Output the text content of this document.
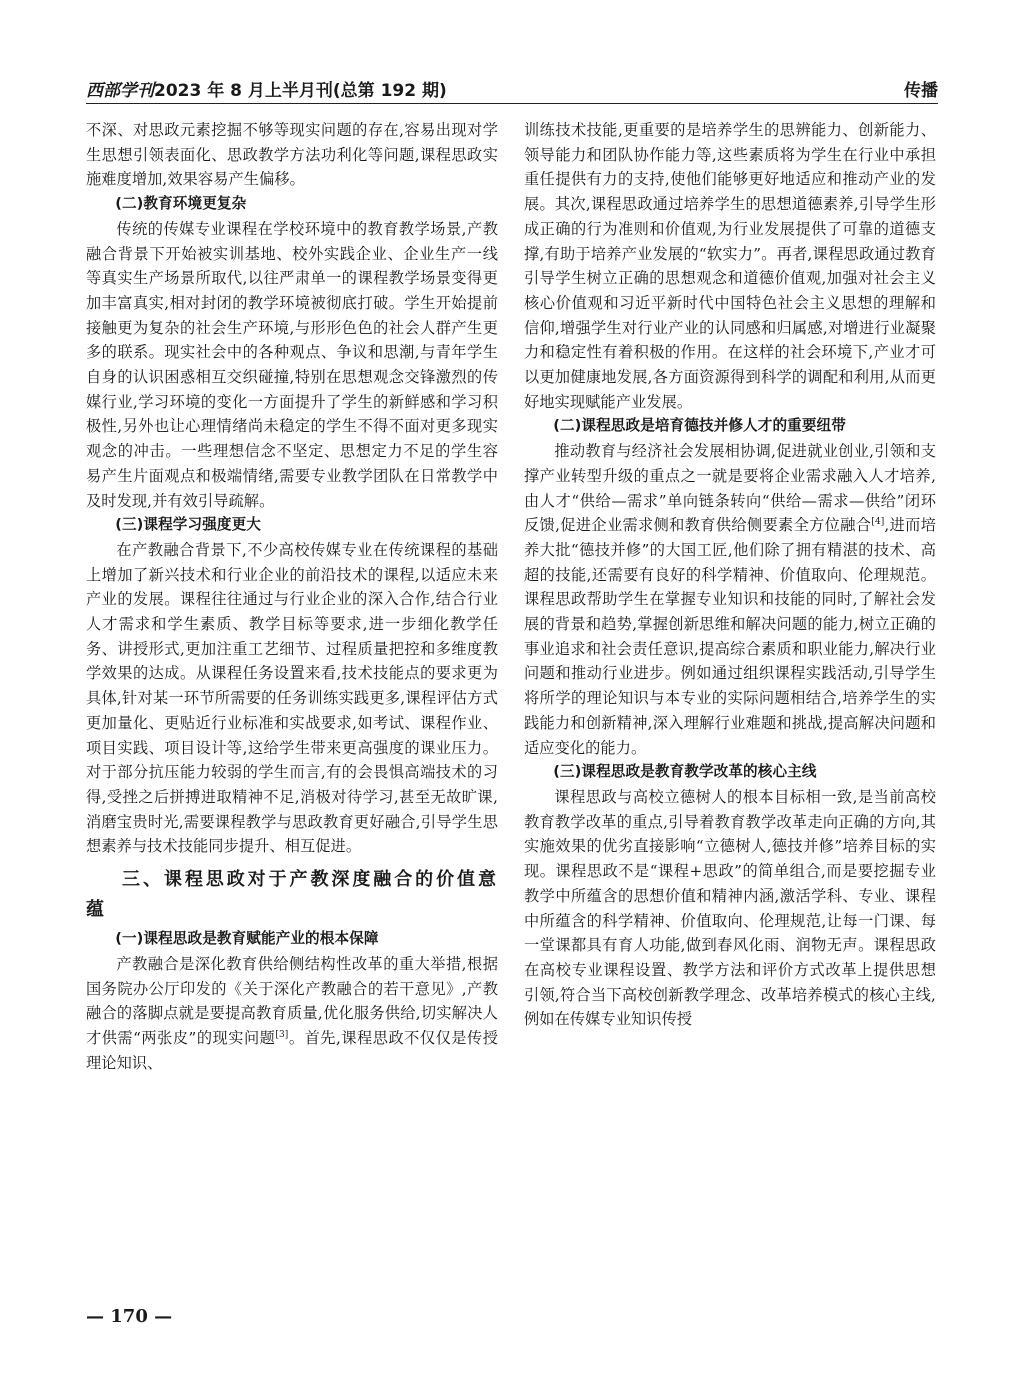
西部学刊2023 年 8 月上半月刊(总第 192 期)	传播

不深、对思政元素挖掘不够等现实问题的存在,容易出现对学生思想引领表面化、思政教学方法功利化等问题,课程思政实施难度增加,效果容易产生偏移。

(二)教育环境更复杂

传统的传媒专业课程在学校环境中的教育教学场景,产教融合背景下开始被实训基地、校外实践企业、企业生产一线等真实生产场景所取代,以往严肃单一的课程教学场景变得更加丰富真实,相对封闭的教学环境被彻底打破。学生开始提前接触更为复杂的社会生产环境,与形形色色的社会人群产生更多的联系。现实社会中的各种观点、争议和思潮,与青年学生自身的认识困惑相互交织碰撞,特别在思想观念交锋激烈的传媒行业,学习环境的变化一方面提升了学生的新鲜感和学习积极性,另外也让心理情绪尚未稳定的学生不得不面对更多现实观念的冲击。一些理想信念不坚定、思想定力不足的学生容易产生片面观点和极端情绪,需要专业教学团队在日常教学中及时发现,并有效引导疏解。

(三)课程学习强度更大

在产教融合背景下,不少高校传媒专业在传统课程的基础上增加了新兴技术和行业企业的前沿技术的课程,以适应未来产业的发展。课程往往通过与行业企业的深入合作,结合行业人才需求和学生素质、教学目标等要求,进一步细化教学任务、讲授形式,更加注重工艺细节、过程质量把控和多维度教学效果的达成。从课程任务设置来看,技术技能点的要求更为具体,针对某一环节所需要的任务训练实践更多,课程评估方式更加量化、更贴近行业标准和实战要求,如考试、课程作业、项目实践、项目设计等,这给学生带来更高强度的课业压力。对于部分抗压能力较弱的学生而言,有的会畏惧高端技术的习得,受挫之后拼搏进取精神不足,消极对待学习,甚至无故旷课,消磨宝贵时光,需要课程教学与思政教育更好融合,引导学生思想素养与技术技能同步提升、相互促进。

三、课程思政对于产教深度融合的价值意蕴
(一)课程思政是教育赋能产业的根本保障

产教融合是深化教育供给侧结构性改革的重大举措,根据国务院办公厅印发的《关于深化产教融合的若干意见》,产教融合的落脚点就是要提高教育质量,优化服务供给,切实解决人才供需“两张皮”的现实问题[3]。首先,课程思政不仅仅是传授理论知识、

训练技术技能,更重要的是培养学生的思辨能力、创新能力、领导能力和团队协作能力等,这些素质将为学生在行业中承担重任提供有力的支持,使他们能够更好地适应和推动产业的发展。其次,课程思政通过培养学生的思想道德素养,引导学生形成正确的行为准则和价值观,为行业发展提供了可靠的道德支撑,有助于培养产业发展的“软实力”。再者,课程思政通过教育引导学生树立正确的思想观念和道德价值观,加强对社会主义核心价值观和习近平新时代中国特色社会主义思想的理解和信仰,增强学生对行业产业的认同感和归属感,对增进行业凝聚力和稳定性有着积极的作用。在这样的社会环境下,产业才可以更加健康地发展,各方面资源得到科学的调配和利用,从而更好地实现赋能产业发展。

(二)课程思政是培育德技并修人才的重要纽带

推动教育与经济社会发展相协调,促进就业创业,引领和支撑产业转型升级的重点之一就是要将企业需求融入人才培养,由人才“供给—需求”单向链条转向“供给—需求—供给”闭环反馈,促进企业需求侧和教育供给侧要素全方位融合[4],进而培养大批“德技并修”的大国工匠,他们除了拥有精湛的技术、高超的技能,还需要有良好的科学精神、价值取向、伦理规范。课程思政帮助学生在掌握专业知识和技能的同时,了解社会发展的背景和趋势,掌握创新思维和解决问题的能力,树立正确的事业追求和社会责任意识,提高综合素质和职业能力,解决行业问题和推动行业进步。例如通过组织课程实践活动,引导学生将所学的理论知识与本专业的实际问题相结合,培养学生的实践能力和创新精神,深入理解行业难题和挑战,提高解决问题和适应变化的能力。

(三)课程思政是教育教学改革的核心主线

课程思政与高校立德树人的根本目标相一致,是当前高校教育教学改革的重点,引导着教育教学改革走向正确的方向,其实施效果的优劣直接影响“立德树人,德技并修”培养目标的实现。课程思政不是“课程+思政”的简单组合,而是要挖掘专业教学中所蕴含的思想价值和精神内涵,激活学科、专业、课程中所蕴含的科学精神、价值取向、伦理规范,让每一门课、每一堂课都具有育人功能,做到春风化雨、润物无声。课程思政在高校专业课程设置、教学方法和评价方式改革上提供思想引领,符合当下高校创新教学理念、改革培养模式的核心主线,例如在传媒专业知识传授

— 170 —
